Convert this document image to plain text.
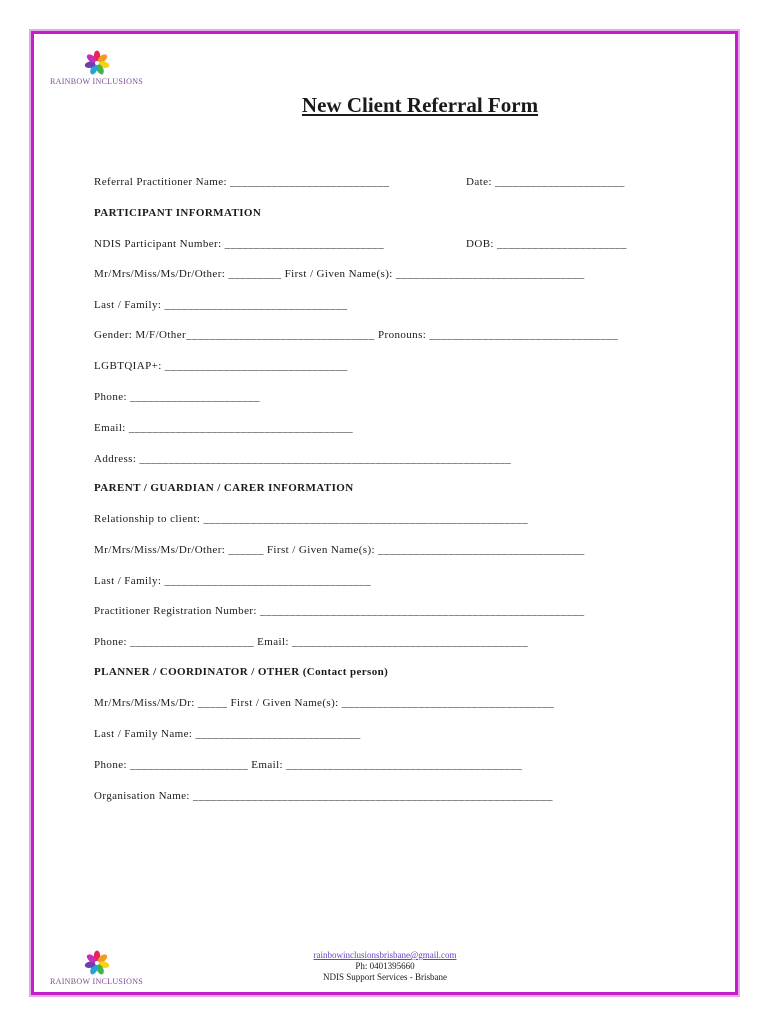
RAINBOW INCLUSIONS
New Client Referral Form
Referral Practitioner Name: ___________________________	Date: ______________________
PARTICIPANT INFORMATION
NDIS Participant Number: ___________________________	DOB: ______________________
Mr/Mrs/Miss/Ms/Dr/Other: _________ First / Given Name(s): ________________________________
Last / Family: _______________________________
Gender: M/F/Other________________________________ Pronouns: ________________________________
LGBTQIAP+: _______________________________
Phone: ______________________
Email: ______________________________________
Address: _______________________________________________________________
PARENT / GUARDIAN / CARER INFORMATION
Relationship to client: _______________________________________________________
Mr/Mrs/Miss/Ms/Dr/Other: ______ First / Given Name(s): ___________________________________
Last / Family: ___________________________________
Practitioner Registration Number: _______________________________________________________
Phone: _____________________ Email: ________________________________________
PLANNER / COORDINATOR / OTHER (Contact person)
Mr/Mrs/Miss/Ms/Dr: _____ First / Given Name(s): ____________________________________
Last / Family Name: ____________________________
Phone: ____________________ Email: ________________________________________
Organisation Name: _____________________________________________________________
RAINBOW INCLUSIONS
rainbowinclusionsbrisbane@gmail.com
Ph: 0401395660
NDIS Support Services - Brisbane
